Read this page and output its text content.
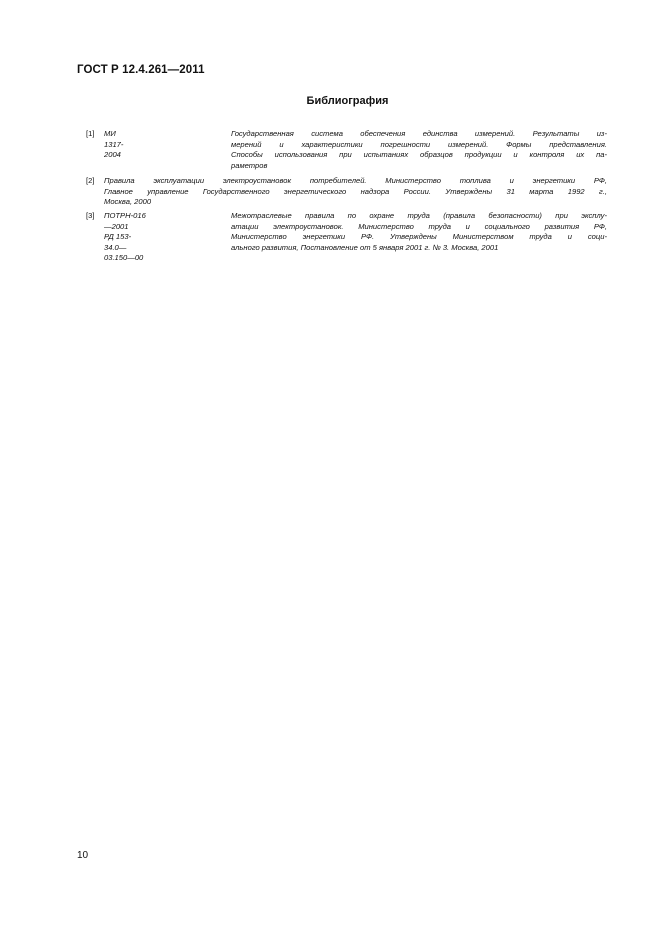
ГОСТ Р 12.4.261—2011
Библиография
[1] МИ 1317-2004
Государственная система обеспечения единства измерений. Результаты из-
мерений и характеристики погрешности измерений. Формы представления.
Способы использования при испытаниях образцов продукции и контроля их па-
раметров
[2] Правила эксплуатации электроустановок потребителей. Министерство топлива и энергетики РФ,
Главное управление Государственного энергетического надзора России. Утверждены 31 марта 1992 г.,
Москва, 2000
[3] ПОТРН-016—2001
РД 153-34.0—03.150—00
Межотраслевые правила по охране труда (правила безопасности) при эксплу-
атации электроустановок. Министерство труда и социального развития РФ,
Министерство энергетики РФ. Утверждены Министерством труда и соци-
ального развития, Постановление от 5 января 2001 г. № 3. Москва, 2001
10
